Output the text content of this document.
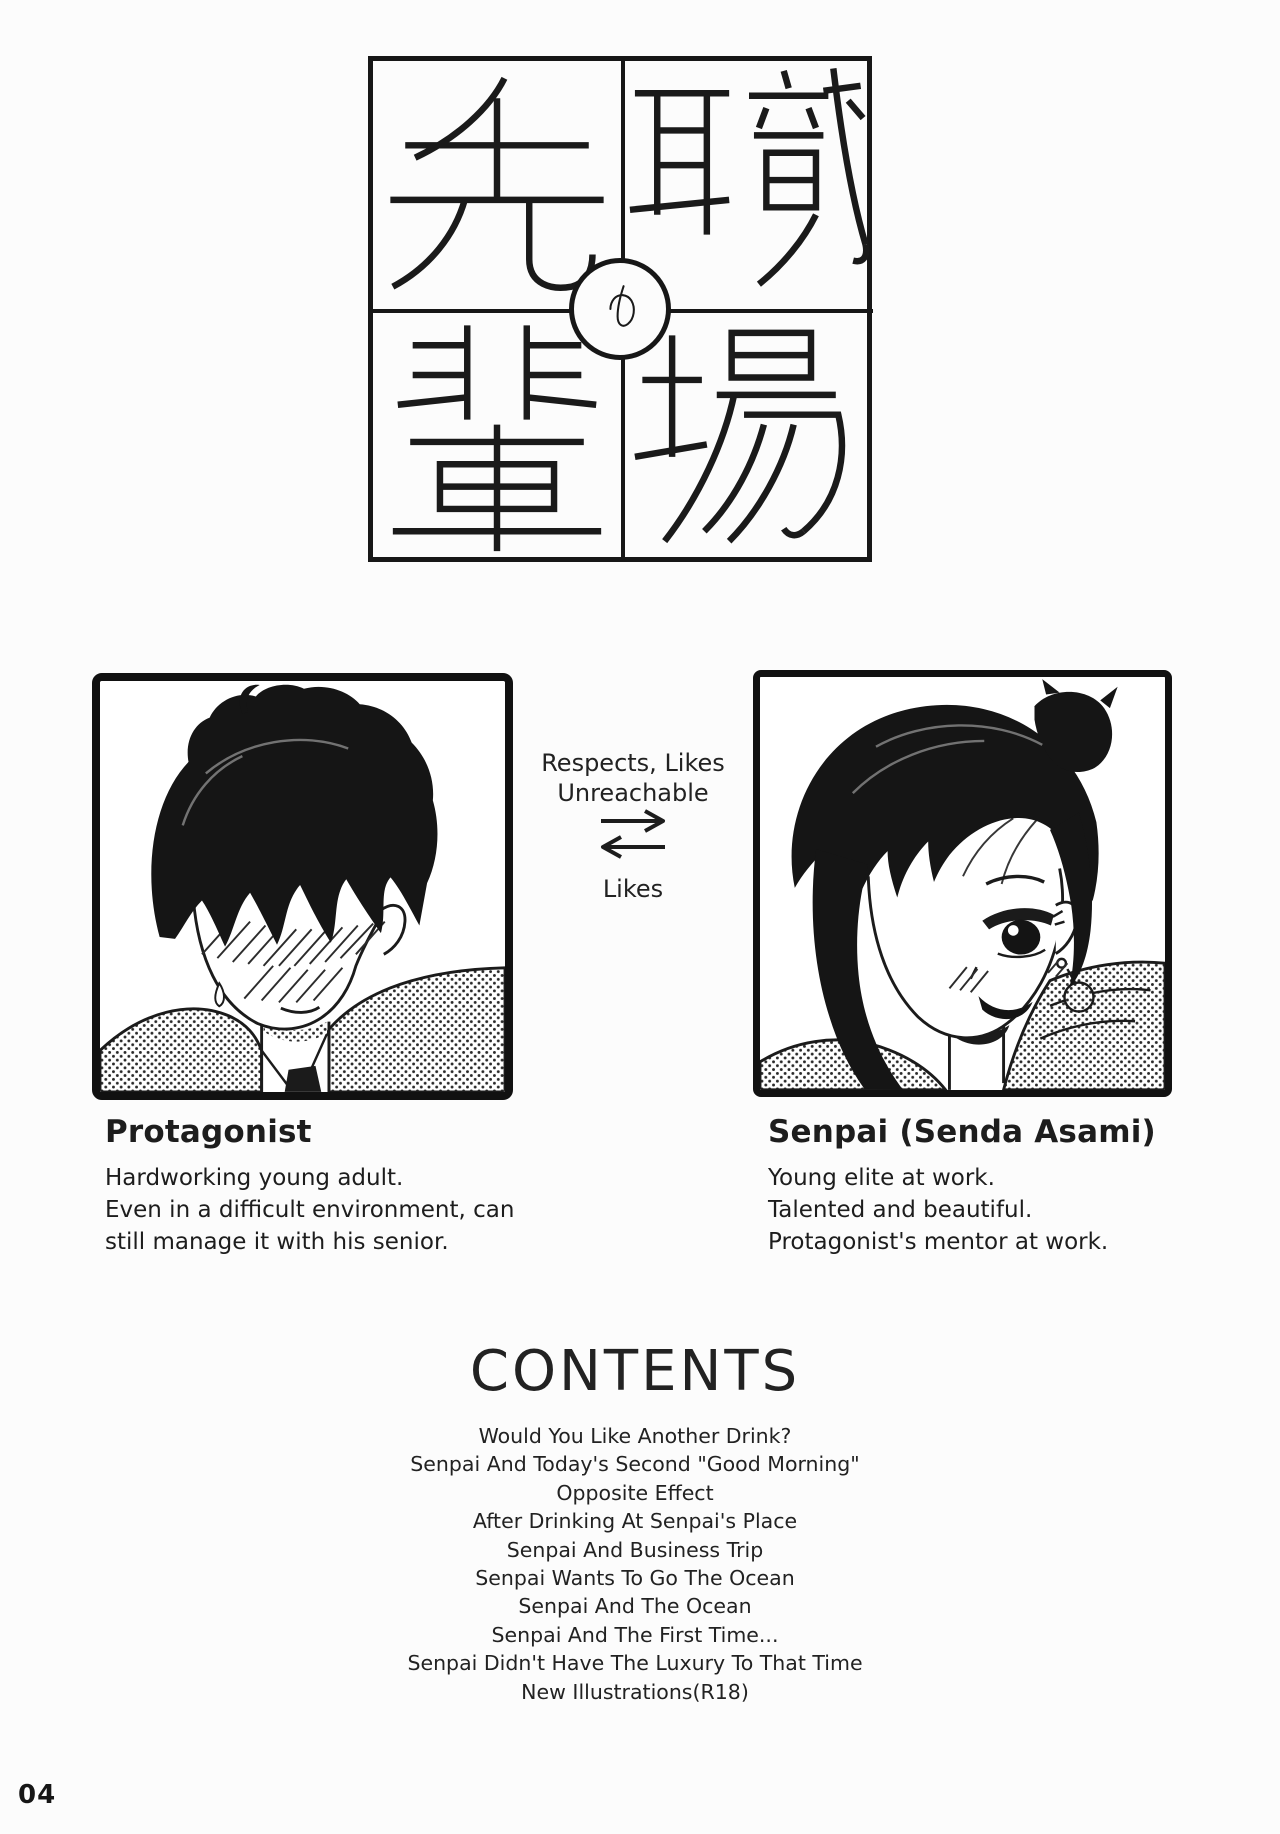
Respects, Likes
Unreachable
Likes
Protagonist
Hardworking young adult.
Even in a difficult environment, can
still manage it with his senior.
Senpai (Senda Asami)
Young elite at work.
Talented and beautiful.
Protagonist's mentor at work.
CONTENTS
Would You Like Another Drink?
Senpai And Today's Second "Good Morning"
Opposite Effect
After Drinking At Senpai's Place
Senpai And Business Trip
Senpai Wants To Go The Ocean
Senpai And The Ocean
Senpai And The First Time...
Senpai Didn't Have The Luxury To That Time
New Illustrations(R18)
04
